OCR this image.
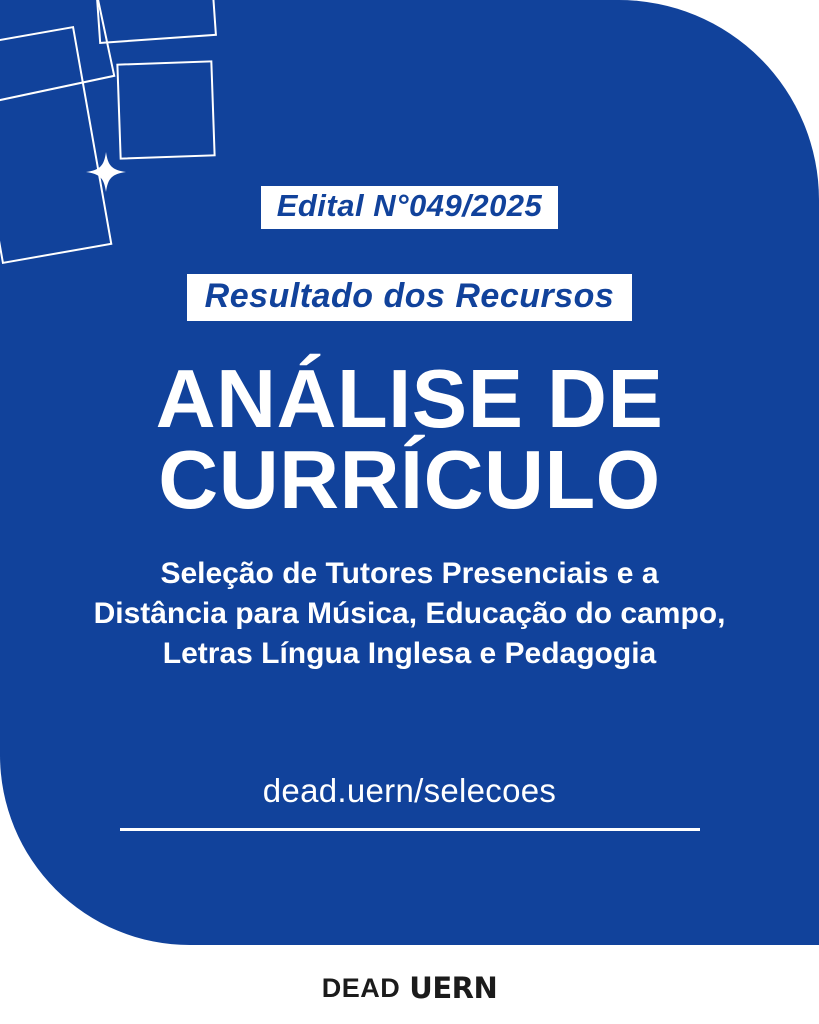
Edital N°049/2025
Resultado dos Recursos
ANÁLISE DE
CURRÍCULO
Seleção de Tutores Presenciais e a
Distância para Música, Educação do campo,
Letras Língua Inglesa e Pedagogia
dead.uern/selecoes
DEAD UERN
